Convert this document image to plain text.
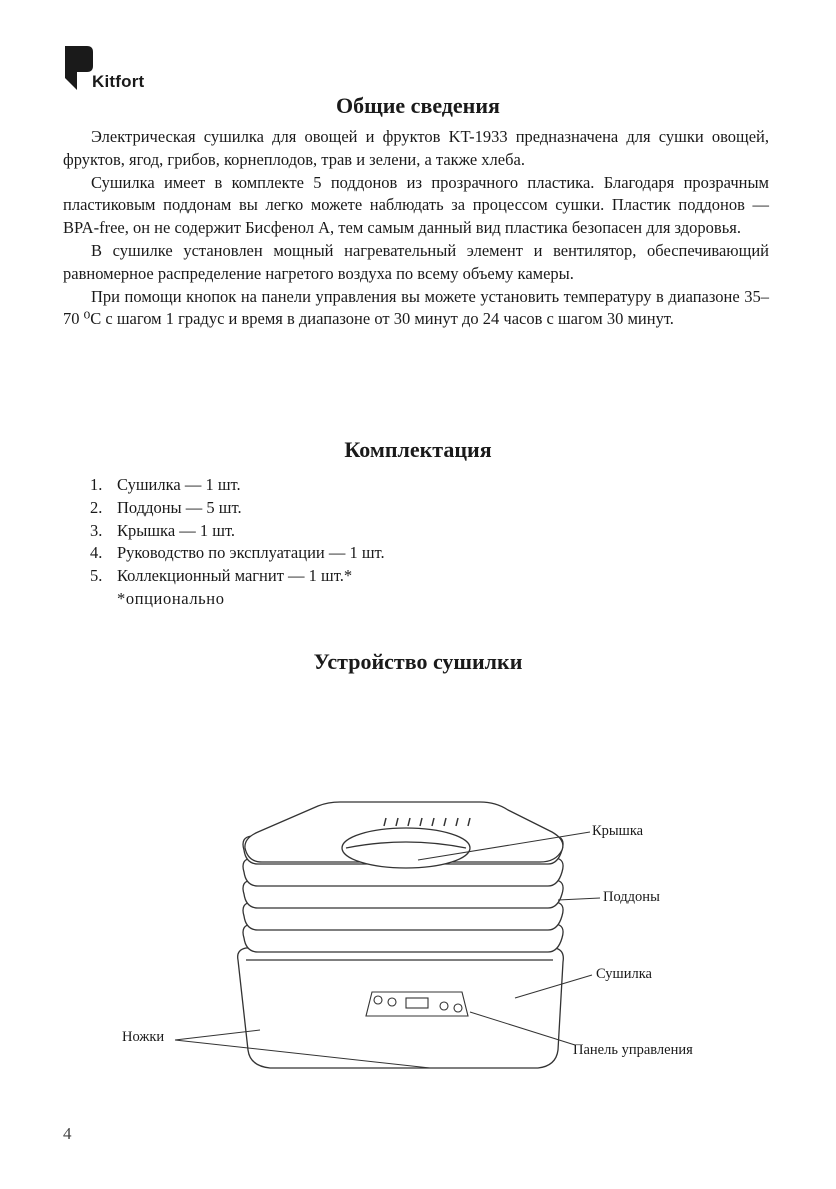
Kitfort
Общие сведения

Электрическая сушилка для овощей и фруктов KT-1933 предназначена для сушки овощей, фруктов, ягод, грибов, корнеплодов, трав и зелени, а также хлеба.

Сушилка имеет в комплекте 5 поддонов из прозрачного пластика. Благодаря прозрачным пластиковым поддонам вы легко можете наблюдать за процессом сушки. Пластик поддонов — BPA-free, он не содержит Бисфенол А, тем самым данный вид пластика безопасен для здоровья.

В сушилке установлен мощный нагревательный элемент и вентилятор, обеспечивающий равномерное распределение нагретого воздуха по всему объему камеры.

При помощи кнопок на панели управления вы можете установить температуру в диапазоне 35–70 ⁰C с шагом 1 градус и время в диапазоне от 30 минут до 24 часов с шагом 30 минут.

Комплектация
1. Сушилка — 1 шт.
2. Поддоны — 5 шт.
3. Крышка — 1 шт.
4. Руководство по эксплуатации — 1 шт.
5. Коллекционный магнит — 1 шт.*
*опционально
Устройство сушилки
Крышка
Поддоны
Сушилка
Ножки
Панель управления
4
